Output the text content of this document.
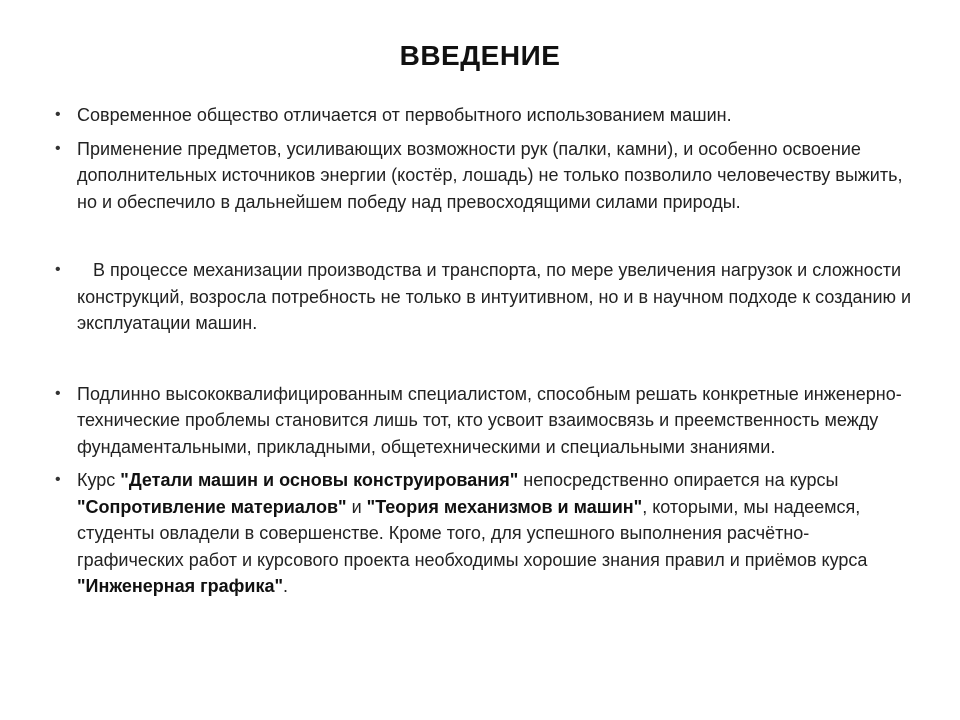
ВВЕДЕНИЕ
• Современное общество отличается от первобытного использованием машин.
• Применение предметов, усиливающих возможности рук (палки, камни), и особенно освоение дополнительных источников энергии (костёр, лошадь) не только позволило человечеству выжить, но и обеспечило в дальнейшем победу над превосходящими силами природы.
• В процессе механизации производства и транспорта, по мере увеличения нагрузок и сложности конструкций, возросла потребность не только в интуитивном, но и в научном подходе к созданию и эксплуатации машин.
• Подлинно высококвалифицированным специалистом, способным решать конкретные инженерно-технические проблемы становится лишь тот, кто усвоит взаимосвязь и преемственность между фундаментальными, прикладными, общетехническими и специальными знаниями.
• Курс "Детали машин и основы конструирования" непосредственно опирается на курсы "Сопротивление материалов" и "Теория механизмов и машин", которыми, мы надеемся, студенты овладели в совершенстве. Кроме того, для успешного выполнения расчётно-графических работ и курсового проекта необходимы хорошие знания правил и приёмов курса "Инженерная графика".
